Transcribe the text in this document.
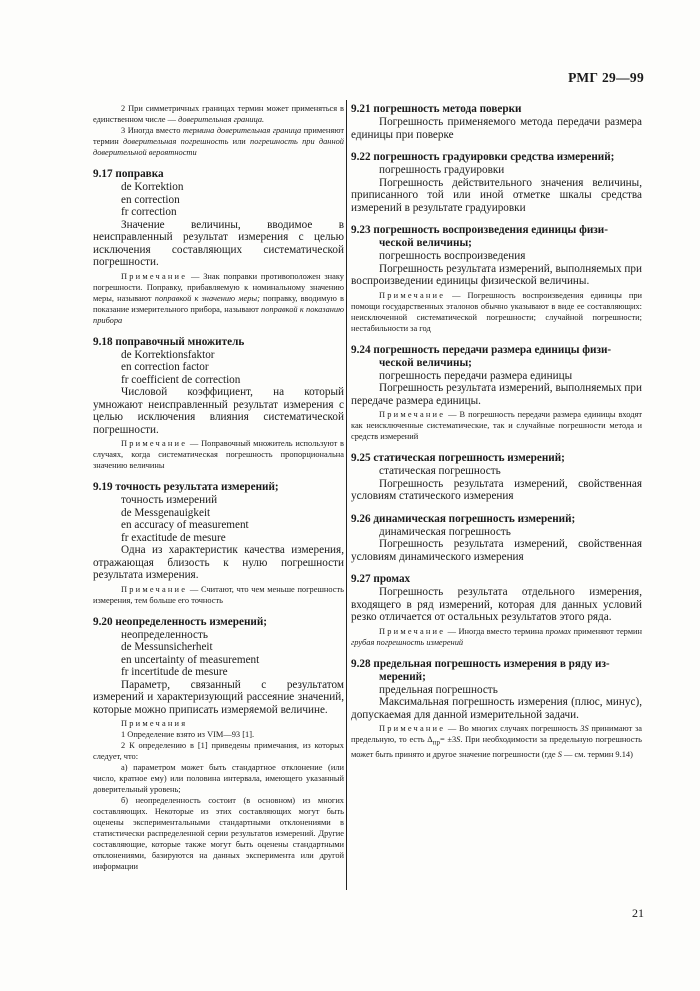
РМГ 29—99

2 При симметричных границах термин может применяться в единственном числе — доверительная граница.

3 Иногда вместо термина доверительная граница применяют термин доверительная погрешность или погрешность при данной доверительной вероятности

9.17 поправка
de Korrektion
en correction
fr correction

Значение величины, вводимое в неисправленный результат измерения с целью исключения составляющих систематической погрешности.

Примечание — Знак поправки противоположен знаку погрешности. Поправку, прибавляемую к номинальному значению меры, называют поправкой к значению меры; поправку, вводимую в показание измерительного прибора, называют поправкой к показанию прибора

9.18 поправочный множитель
de Korrektionsfaktor
en correction factor
fr coefficient de correction

Числовой коэффициент, на который умножают неисправленный результат измерения с целью исключения влияния систематической погрешности.

Примечание — Поправочный множитель используют в случаях, когда систематическая погрешность пропорциональна значению величины

9.19 точность результата измерений;
точность измерений
de Messgenauigkeit
en accuracy of measurement
fr exactitude de mesure

Одна из характеристик качества измерения, отражающая близость к нулю погрешности результата измерения.

Примечание — Считают, что чем меньше погрешность измерения, тем больше его точность

9.20 неопределенность измерений;
неопределенность
de Messunsicherheit
en uncertainty of measurement
fr incertitude de mesure

Параметр, связанный с результатом измерений и характеризующий рассеяние значений, которые можно приписать измеряемой величине.

Примечания

1 Определение взято из VIM—93 [1].

2 К определению в [1] приведены примечания, из которых следует, что:

а) параметром может быть стандартное отклонение (или число, кратное ему) или половина интервала, имеющего указанный доверительный уровень;

б) неопределенность состоит (в основном) из многих составляющих. Некоторые из этих составляющих могут быть оценены экспериментальными стандартными отклонениями в статистически распределенной серии результатов измерений. Другие составляющие, которые также могут быть оценены стандартными отклонениями, базируются на данных эксперимента или другой информации

9.21 погрешность метода поверки

Погрешность применяемого метода передачи размера единицы при поверке

9.22 погрешность градуировки средства измерений;
погрешность градуировки

Погрешность действительного значения величины, приписанного той или иной отметке шкалы средства измерений в результате градуировки

9.23 погрешность воспроизведения единицы физи-
ческой величины;
погрешность воспроизведения

Погрешность результата измерений, выполняемых при воспроизведении единицы физической величины.

Примечание — Погрешность воспроизведения единицы при помощи государственных эталонов обычно указывают в виде ее составляющих: неисключенной систематической погрешности; случайной погрешности; нестабильности за год

9.24 погрешность передачи размера единицы физи-
ческой величины;
погрешность передачи размера единицы

Погрешность результата измерений, выполняемых при передаче размера единицы.

Примечание — В погрешность передачи размера единицы входят как неисключенные систематические, так и случайные погрешности метода и средств измерений

9.25 статическая погрешность измерений;
статическая погрешность

Погрешность результата измерений, свойственная условиям статического измерения

9.26 динамическая погрешность измерений;
динамическая погрешность

Погрешность результата измерений, свойственная условиям динамического измерения

9.27 промах

Погрешность результата отдельного измерения, входящего в ряд измерений, которая для данных условий резко отличается от остальных результатов этого ряда.

Примечание — Иногда вместо термина промах применяют термин грубая погрешность измерений

9.28 предельная погрешность измерения в ряду из-
мерений;
предельная погрешность

Максимальная погрешность измерения (плюс, минус), допускаемая для данной измерительной задачи.

Примечание — Во многих случаях погрешность 3S принимают за предельную, то есть $\Delta_{пр}= \pm 3S$. При необходимости за предельную погрешность может быть принято и другое значение погрешности (где S — см. термин 9.14)

21
